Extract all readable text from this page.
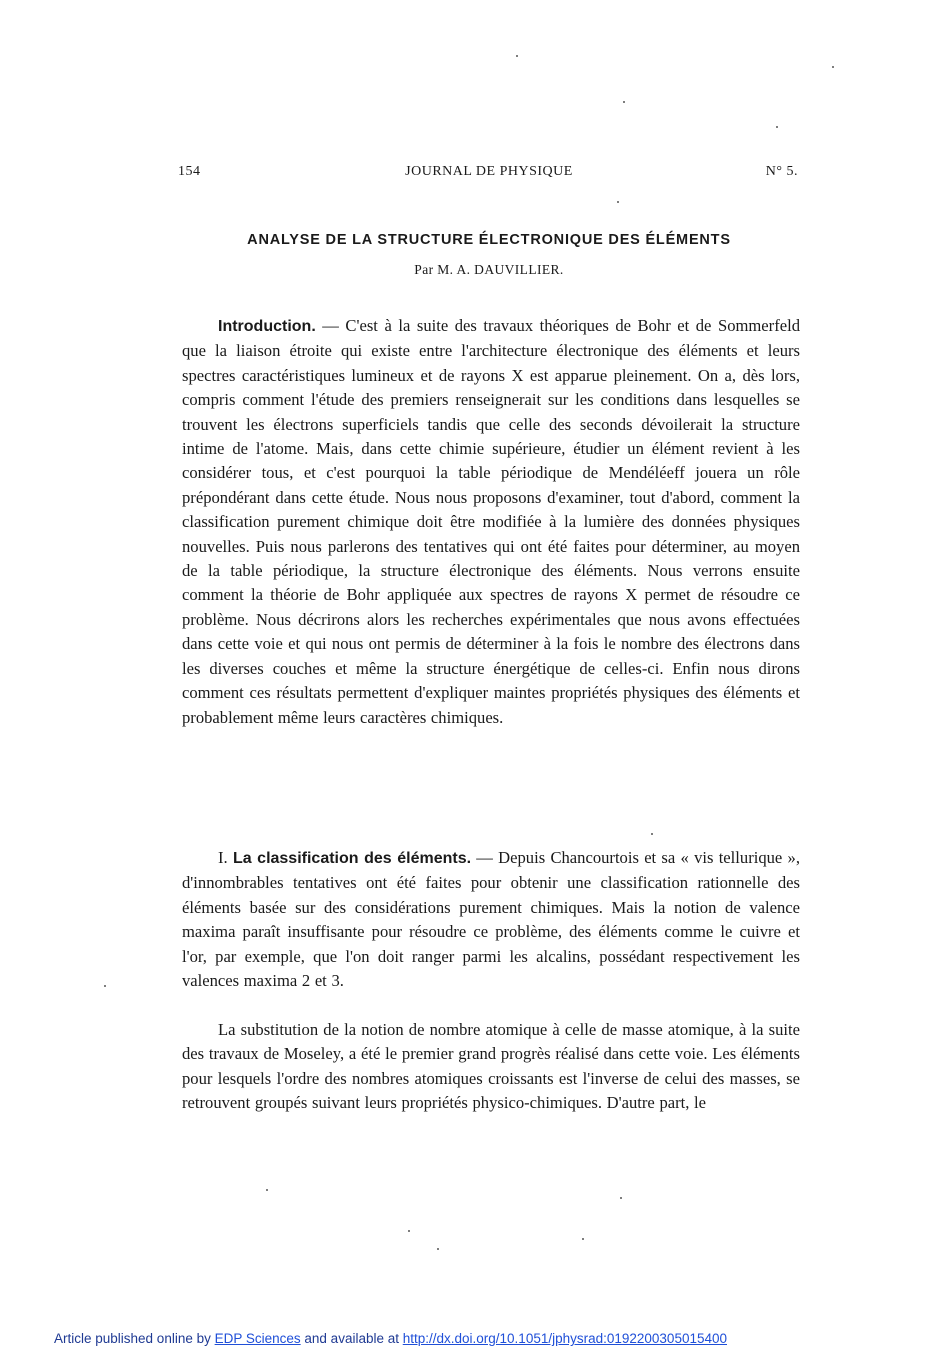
154	JOURNAL DE PHYSIQUE	N° 5.
ANALYSE DE LA STRUCTURE ÉLECTRONIQUE DES ÉLÉMENTS
Par M. A. DAUVILLIER.

Introduction. — C'est à la suite des travaux théoriques de Bohr et de Sommerfeld que la liaison étroite qui existe entre l'architecture électronique des éléments et leurs spectres caractéristiques lumineux et de rayons X est apparue pleinement. On a, dès lors, compris comment l'étude des premiers renseignerait sur les conditions dans lesquelles se trouvent les électrons superficiels tandis que celle des seconds dévoilerait la structure intime de l'atome. Mais, dans cette chimie supérieure, étudier un élément revient à les considérer tous, et c'est pourquoi la table périodique de Mendéléeff jouera un rôle prépondérant dans cette étude. Nous nous proposons d'examiner, tout d'abord, comment la classification purement chimique doit être modifiée à la lumière des données physiques nouvelles. Puis nous parlerons des tentatives qui ont été faites pour déterminer, au moyen de la table périodique, la structure électronique des éléments. Nous verrons ensuite comment la théorie de Bohr appliquée aux spectres de rayons X permet de résoudre ce problème. Nous décrirons alors les recherches expérimentales que nous avons effectuées dans cette voie et qui nous ont permis de déterminer à la fois le nombre des électrons dans les diverses couches et même la structure énergétique de celles-ci. Enfin nous dirons comment ces résultats permettent d'expliquer maintes propriétés physiques des éléments et probablement même leurs caractères chimiques.

I. La classification des éléments. — Depuis Chancourtois et sa « vis tellurique », d'innombrables tentatives ont été faites pour obtenir une classification rationnelle des éléments basée sur des considérations purement chimiques. Mais la notion de valence maxima paraît insuffisante pour résoudre ce problème, des éléments comme le cuivre et l'or, par exemple, que l'on doit ranger parmi les alcalins, possédant respectivement les valences maxima 2 et 3.

La substitution de la notion de nombre atomique à celle de masse atomique, à la suite des travaux de Moseley, a été le premier grand progrès réalisé dans cette voie. Les éléments pour lesquels l'ordre des nombres atomiques croissants est l'inverse de celui des masses, se retrouvent groupés suivant leurs propriétés physico-chimiques. D'autre part, le

Article published online by EDP Sciences and available at http://dx.doi.org/10.1051/jphysrad:0192200305015400
